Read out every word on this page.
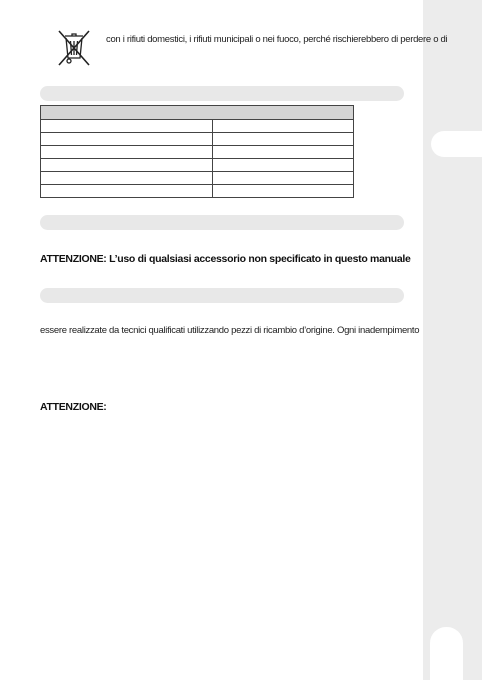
con i rifiuti domestici, i rifiuti municipali o nei fuoco, perché rischierebbero di perdere o di

ATTENZIONE: L’uso di qualsiasi accessorio non specificato in questo manuale
essere realizzate da tecnici qualificati utilizzando pezzi di ricambio d’origine. Ogni inadempimento
ATTENZIONE:
